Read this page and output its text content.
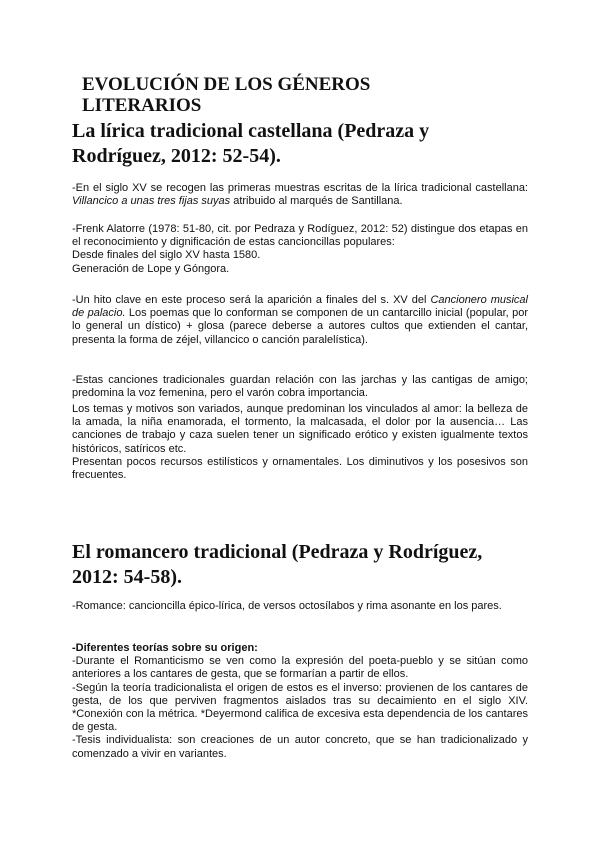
EVOLUCIÓN DE LOS GÉNEROS
LITERARIOS
La lírica tradicional castellana (Pedraza y
Rodríguez, 2012: 52-54).

-En el siglo XV se recogen las primeras muestras escritas de la lírica tradicional castellana: Villancico a unas tres fijas suyas atribuido al marqués de Santillana.

-Frenk Alatorre (1978: 51-80, cit. por Pedraza y Rodíguez, 2012: 52) distingue dos etapas en el reconocimiento y dignificación de estas cancioncillas populares:
Desde finales del siglo XV hasta 1580.
Generación de Lope y Góngora.

-Un hito clave en este proceso será la aparición a finales del s. XV del Cancionero musical de palacio. Los poemas que lo conforman se componen de un cantarcillo inicial (popular, por lo general un dístico) + glosa (parece deberse a autores cultos que extienden el cantar, presenta la forma de zéjel, villancico o canción paralelística).

-Estas canciones tradicionales guardan relación con las jarchas y las cantigas de amigo; predomina la voz femenina, pero el varón cobra importancia.

Los temas y motivos son variados, aunque predominan los vinculados al amor: la belleza de la amada, la niña enamorada, el tormento, la malcasada, el dolor por la ausencia… Las canciones de trabajo y caza suelen tener un significado erótico y existen igualmente textos históricos, satíricos etc.

Presentan pocos recursos estilísticos y ornamentales. Los diminutivos y los posesivos son frecuentes.

El romancero tradicional (Pedraza y Rodríguez,
2012: 54-58).

-Romance: cancioncilla épico-lírica, de versos octosílabos y rima asonante en los pares.

-Diferentes teorías sobre su origen:
-Durante el Romanticismo se ven como la expresión del poeta-pueblo y se sitúan como anteriores a los cantares de gesta, que se formarían a partir de ellos.
-Según la teoría tradicionalista el origen de estos es el inverso: provienen de los cantares de gesta, de los que perviven fragmentos aislados tras su decaimiento en el siglo XIV. *Conexión con la métrica. *Deyermond califica de excesiva esta dependencia de los cantares de gesta.
-Tesis individualista: son creaciones de un autor concreto, que se han tradicionalizado y comenzado a vivir en variantes.
